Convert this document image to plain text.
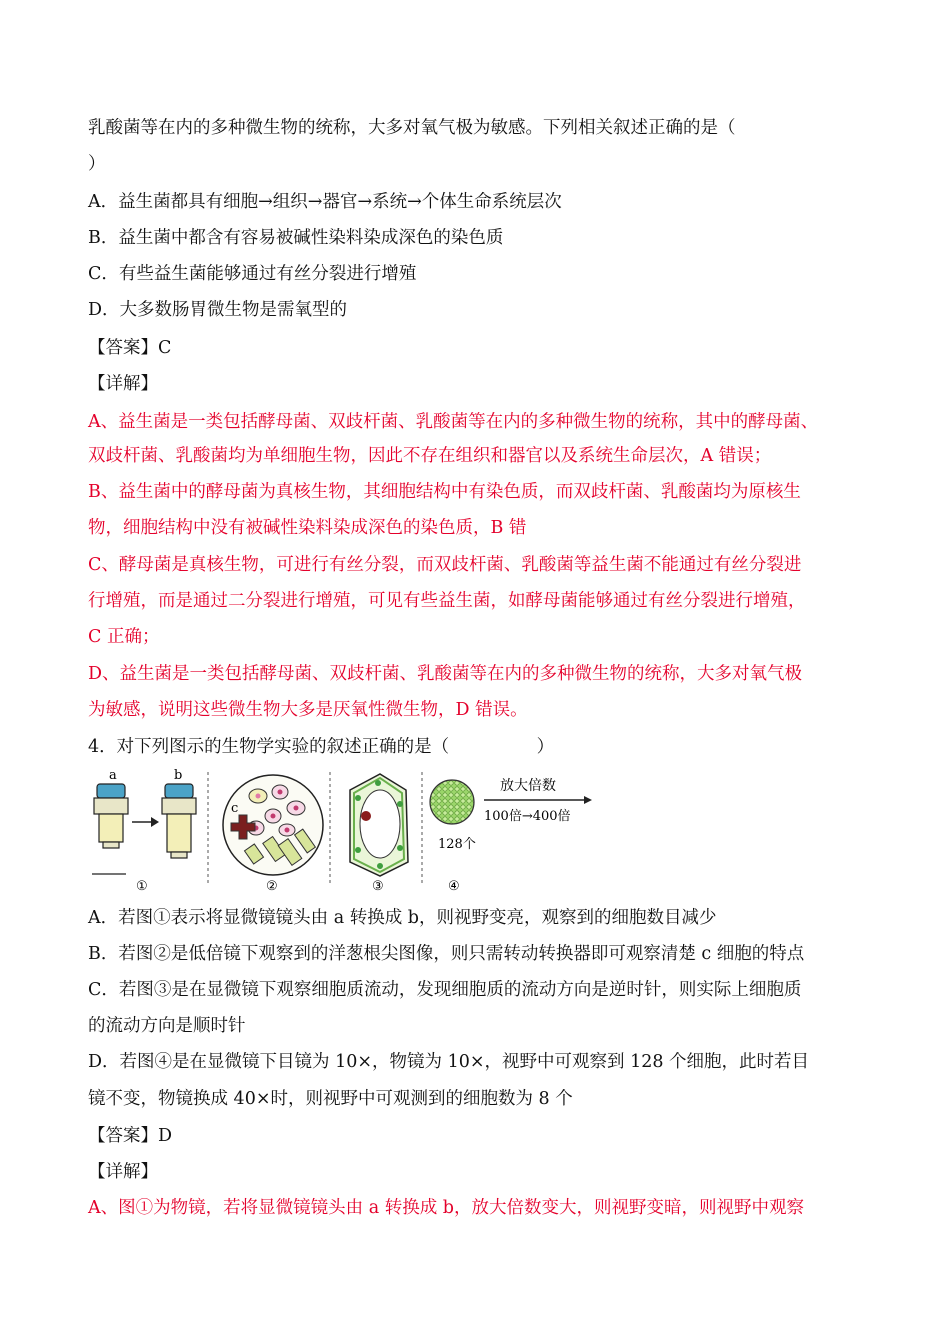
乳酸菌等在内的多种微生物的统称，大多对氧气极为敏感。下列相关叙述正确的是（
）
A．益生菌都具有细胞→组织→器官→系统→个体生命系统层次
B．益生菌中都含有容易被碱性染料染成深色的染色质
C．有些益生菌能够通过有丝分裂进行增殖
D．大多数肠胃微生物是需氧型的
【答案】C
【详解】
A、益生菌是一类包括酵母菌、双歧杆菌、乳酸菌等在内的多种微生物的统称，其中的酵母菌、
双歧杆菌、乳酸菌均为单细胞生物，因此不存在组织和器官以及系统生命层次，A 错误；
B、益生菌中的酵母菌为真核生物，其细胞结构中有染色质，而双歧杆菌、乳酸菌均为原核生
物，细胞结构中没有被碱性染料染成深色的染色质，B 错
C、酵母菌是真核生物，可进行有丝分裂，而双歧杆菌、乳酸菌等益生菌不能通过有丝分裂进
行增殖，而是通过二分裂进行增殖，可见有些益生菌，如酵母菌能够通过有丝分裂进行增殖，
C 正确；
D、益生菌是一类包括酵母菌、双歧杆菌、乳酸菌等在内的多种微生物的统称，大多对氧气极
为敏感，说明这些微生物大多是厌氧性微生物，D 错误。
4．对下列图示的生物学实验的叙述正确的是（　　　　　）
a	b
①
c
②	③
128个
放大倍数
100倍→400倍
④
A．若图①表示将显微镜镜头由 a 转换成 b，则视野变亮，观察到的细胞数目减少
B．若图②是低倍镜下观察到的洋葱根尖图像，则只需转动转换器即可观察清楚 c 细胞的特点
C．若图③是在显微镜下观察细胞质流动，发现细胞质的流动方向是逆时针，则实际上细胞质
的流动方向是顺时针
D．若图④是在显微镜下目镜为 10×，物镜为 10×，视野中可观察到 128 个细胞，此时若目
镜不变，物镜换成 40×时，则视野中可观测到的细胞数为 8 个
【答案】D
【详解】
A、图①为物镜，若将显微镜镜头由 a 转换成 b，放大倍数变大，则视野变暗，则视野中观察
